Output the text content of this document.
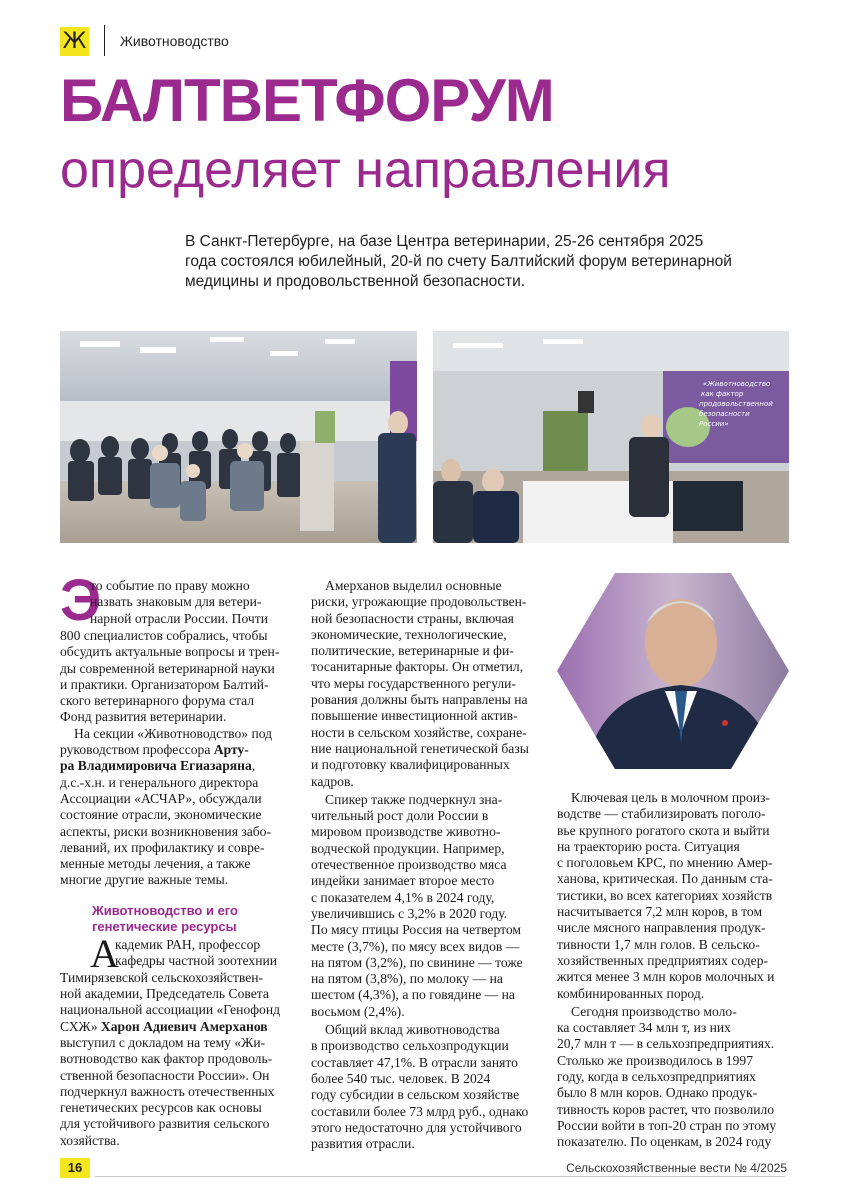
Ж Животноводство
БАЛТВЕТФОРУМ
определяет направления

В Санкт-Петербурге, на базе Центра ветеринарии, 25-26 сентября 2025

года состоялся юбилейный, 20-й по счету Балтийский форум ветеринарной

медицины и продовольственной безопасности.

«Животноводство
как фактор
продовольственной
безопасности
России»
Э
то событие по праву можно
назвать знаковым для ветери-
нарной отрасли России. Почти
800 специалистов собрались, чтобы
обсудить актуальные вопросы и трен-
ды современной ветеринарной науки
и практики. Организатором Балтий-
ского ветеринарного форума стал
Фонд развития ветеринарии.
На секции «Животноводство» под
руководством профессора Арту-
ра Владимировича Егиазаряна,
д.с.-х.н. и генерального директора
Ассоциации «АСЧАР», обсуждали
состояние отрасли, экономические
аспекты, риски возникновения забо-
леваний, их профилактику и совре-
менные методы лечения, а также
многие другие важные темы.
Животноводство и его
генетические ресурсы
А
кадемик РАН, профессор
кафедры частной зоотехнии
Тимирязевской сельскохозяйствен-
ной академии, Председатель Совета
национальной ассоциации «Генофонд
СХЖ» Харон Адиевич Амерханов
выступил с докладом на тему «Жи-
вотноводство как фактор продоволь-
ственной безопасности России». Он
подчеркнул важность отечественных
генетических ресурсов как основы
для устойчивого развития сельского
хозяйства.
Амерханов выделил основные
риски, угрожающие продовольствен-
ной безопасности страны, включая
экономические, технологические,
политические, ветеринарные и фи-
тосанитарные факторы. Он отметил,
что меры государственного регули-
рования должны быть направлены на
повышение инвестиционной актив-
ности в сельском хозяйстве, сохране-
ние национальной генетической базы
и подготовку квалифицированных
кадров.
Спикер также подчеркнул зна-
чительный рост доли России в
мировом производстве животно-
водческой продукции. Например,
отечественное производство мяса
индейки занимает второе место
с показателем 4,1% в 2024 году,
увеличившись с 3,2% в 2020 году.
По мясу птицы Россия на четвертом
месте (3,7%), по мясу всех видов —
на пятом (3,2%), по свинине — тоже
на пятом (3,8%), по молоку — на
шестом (4,3%), а по говядине — на
восьмом (2,4%).
Общий вклад животноводства
в производство сельхозпродукции
составляет 47,1%. В отрасли занято
более 540 тыс. человек. В 2024
году субсидии в сельском хозяйстве
составили более 73 млрд руб., однако
этого недостаточно для устойчивого
развития отрасли.
Ключевая цель в молочном произ-
водстве — стабилизировать поголо-
вье крупного рогатого скота и выйти
на траекторию роста. Ситуация
с поголовьем КРС, по мнению Амер-
ханова, критическая. По данным ста-
тистики, во всех категориях хозяйств
насчитывается 7,2 млн коров, в том
числе мясного направления продук-
тивности 1,7 млн голов. В сельско-
хозяйственных предприятиях содер-
жится менее 3 млн коров молочных и
комбинированных пород.
Сегодня производство моло-
ка составляет 34 млн т, из них
20,7 млн т — в сельхозпредприятиях.
Столько же производилось в 1997
году, когда в сельхозпредприятиях
было 8 млн коров. Однако продук-
тивность коров растет, что позволило
России войти в топ-20 стран по этому
показателю. По оценкам, в 2024 году
16	Сельскохозяйственные вести № 4/2025
